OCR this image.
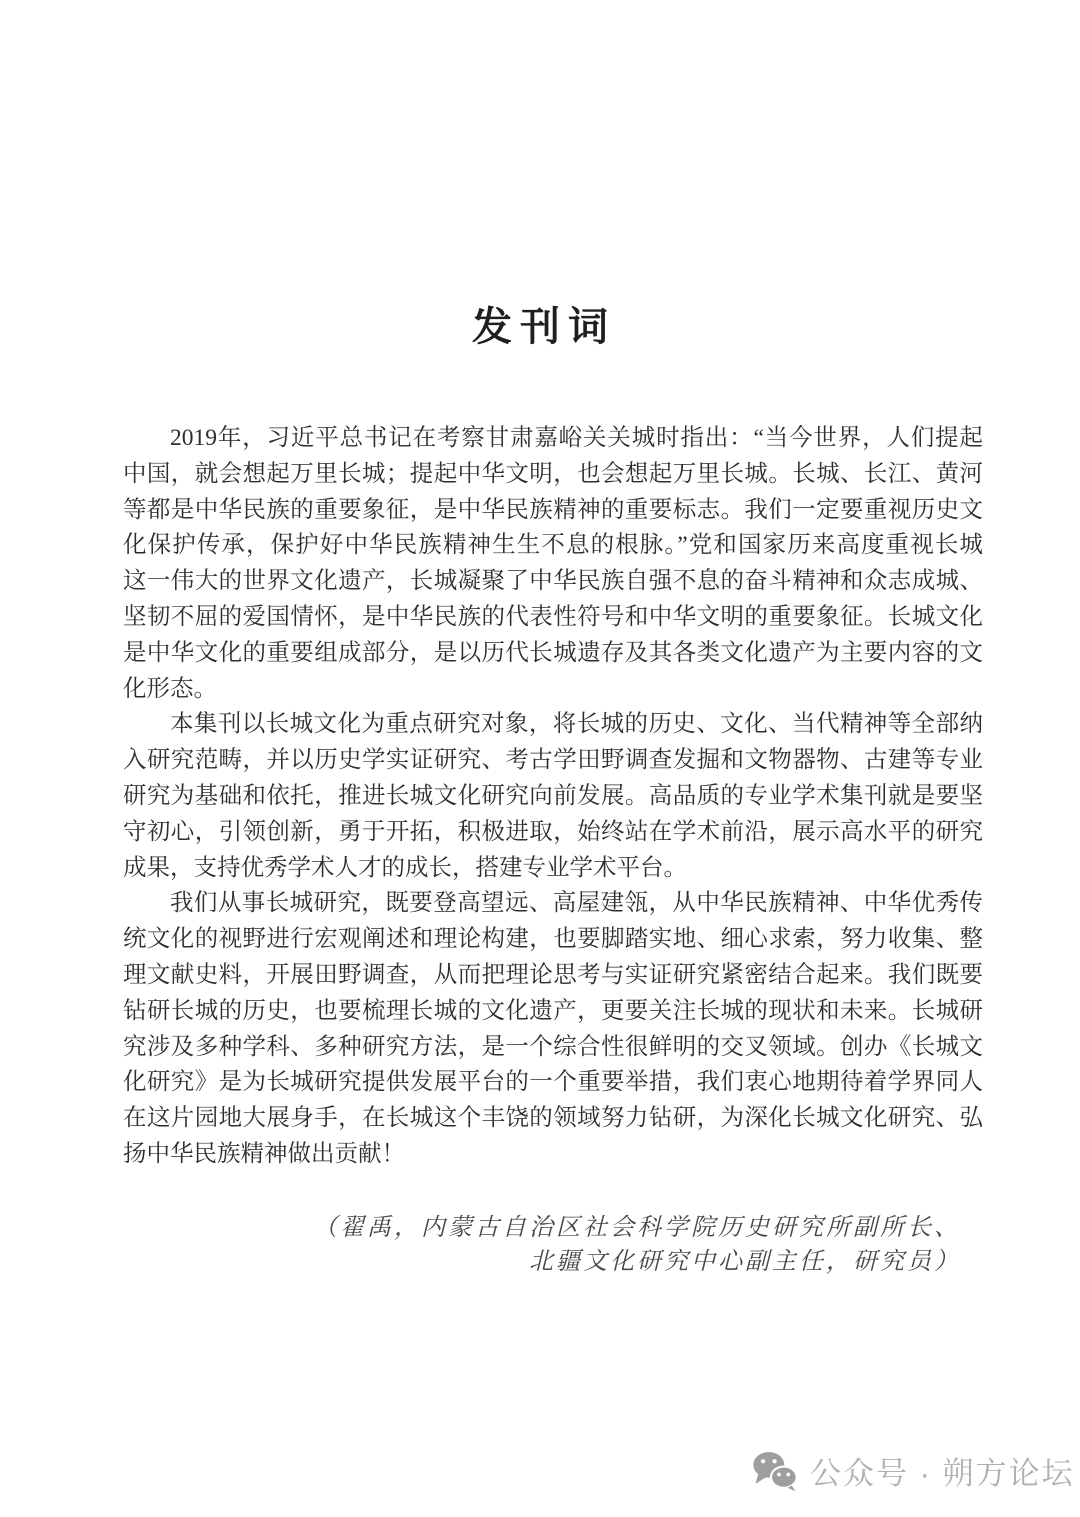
发刊词
2019年，习近平总书记在考察甘肃嘉峪关关城时指出：“当今世界，人们提起
中国，就会想起万里长城；提起中华文明，也会想起万里长城。长城、长江、黄河
等都是中华民族的重要象征，是中华民族精神的重要标志。我们一定要重视历史文
化保护传承，保护好中华民族精神生生不息的根脉。”党和国家历来高度重视长城
这一伟大的世界文化遗产，长城凝聚了中华民族自强不息的奋斗精神和众志成城、
坚韧不屈的爱国情怀，是中华民族的代表性符号和中华文明的重要象征。长城文化
是中华文化的重要组成部分，是以历代长城遗存及其各类文化遗产为主要内容的文
化形态。
本集刊以长城文化为重点研究对象，将长城的历史、文化、当代精神等全部纳
入研究范畴，并以历史学实证研究、考古学田野调查发掘和文物器物、古建等专业
研究为基础和依托，推进长城文化研究向前发展。高品质的专业学术集刊就是要坚
守初心，引领创新，勇于开拓，积极进取，始终站在学术前沿，展示高水平的研究
成果，支持优秀学术人才的成长，搭建专业学术平台。
我们从事长城研究，既要登高望远、高屋建瓴，从中华民族精神、中华优秀传
统文化的视野进行宏观阐述和理论构建，也要脚踏实地、细心求索，努力收集、整
理文献史料，开展田野调查，从而把理论思考与实证研究紧密结合起来。我们既要
钻研长城的历史，也要梳理长城的文化遗产，更要关注长城的现状和未来。长城研
究涉及多种学科、多种研究方法，是一个综合性很鲜明的交叉领域。创办《长城文
化研究》是为长城研究提供发展平台的一个重要举措，我们衷心地期待着学界同人
在这片园地大展身手，在长城这个丰饶的领域努力钻研，为深化长城文化研究、弘
扬中华民族精神做出贡献！
（翟禹，内蒙古自治区社会科学院历史研究所副所长、
北疆文化研究中心副主任，研究员）
公众号 · 朔方论坛
